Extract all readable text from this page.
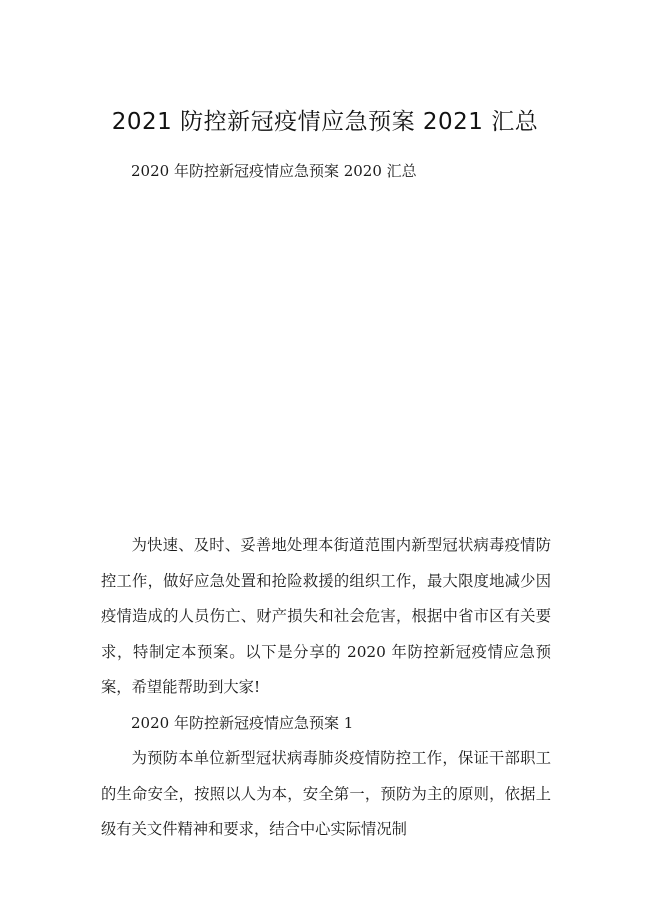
2021 防控新冠疫情应急预案 2021 汇总
2020 年防控新冠疫情应急预案 2020 汇总

为快速、及时、妥善地处理本街道范围内新型冠状病毒疫情防控工作，做好应急处置和抢险救援的组织工作，最大限度地减少因疫情造成的人员伤亡、财产损失和社会危害，根据中省市区有关要求，特制定本预案。以下是分享的 2020 年防控新冠疫情应急预案，希望能帮助到大家!

2020 年防控新冠疫情应急预案 1

为预防本单位新型冠状病毒肺炎疫情防控工作，保证干部职工的生命安全，按照以人为本，安全第一，预防为主的原则，依据上级有关文件精神和要求，结合中心实际情况制
